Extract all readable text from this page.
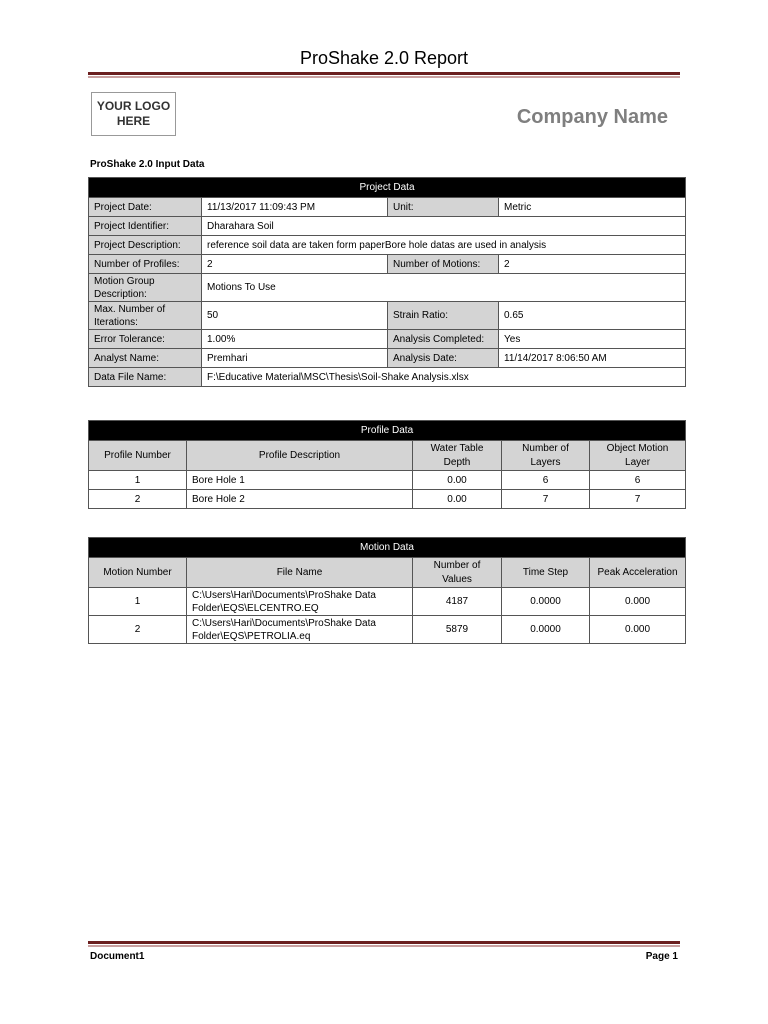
ProShake 2.0 Report
YOUR LOGO
HERE	Company Name
ProShake 2.0 Input Data
Project Data			
Project Date:	11/13/2017 11:09:43 PM	Unit:	Metric
Project Identifier:	Dharahara Soil		
Project Description:	reference soil data are taken form paperBore hole datas are used in analysis		
Number of Profiles:	2	Number of Motions:	2
Motion Group Description:	Motions To Use		
Max. Number of Iterations:	50	Strain Ratio:	0.65
Error Tolerance:	1.00%	Analysis Completed:	Yes
Analyst Name:	Premhari	Analysis Date:	11/14/2017 8:06:50 AM
Data File Name:	F:\Educative Material\MSC\Thesis\Soil-Shake Analysis.xlsx		
Profile Data				
Profile Number	Profile Description	Water Table Depth	Number of Layers	Object Motion Layer
1	Bore Hole 1	0.00	6	6
2	Bore Hole 2	0.00	7	7
Motion Data				
Motion Number	File Name	Number of Values	Time Step	Peak Acceleration
1	C:\Users\Hari\Documents\ProShake Data Folder\EQS\ELCENTRO.EQ	4187	0.0000	0.000
2	C:\Users\Hari\Documents\ProShake Data Folder\EQS\PETROLIA.eq	5879	0.0000	0.000
Document1	Page 1
